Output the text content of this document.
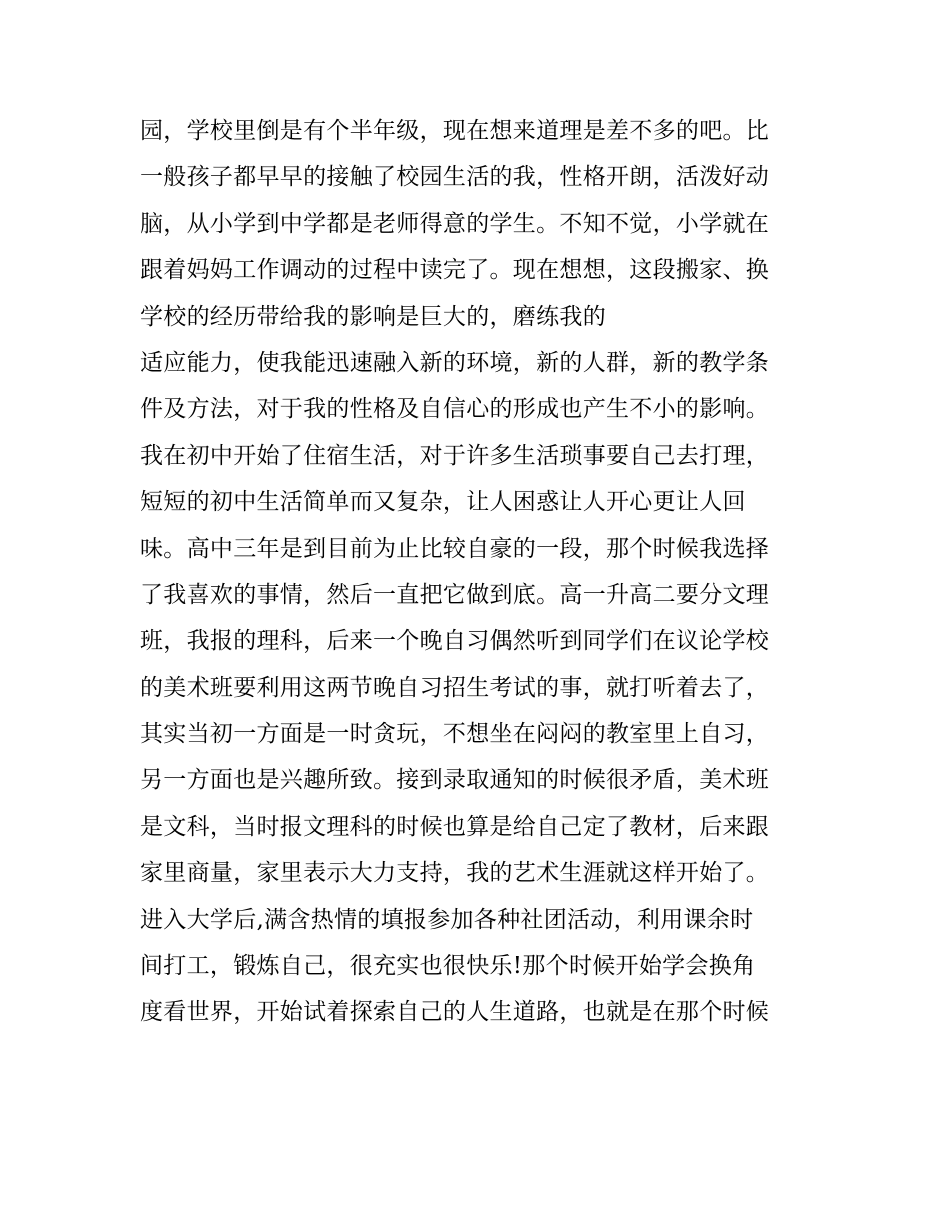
园，学校里倒是有个半年级，现在想来道理是差不多的吧。比
一般孩子都早早的接触了校园生活的我，性格开朗，活泼好动
脑，从小学到中学都是老师得意的学生。不知不觉，小学就在
跟着妈妈工作调动的过程中读完了。现在想想，这段搬家、换
学校的经历带给我的影响是巨大的，磨练我的
适应能力，使我能迅速融入新的环境，新的人群，新的教学条
件及方法，对于我的性格及自信心的形成也产生不小的影响。
我在初中开始了住宿生活，对于许多生活琐事要自己去打理，
短短的初中生活简单而又复杂，让人困惑让人开心更让人回
味。高中三年是到目前为止比较自豪的一段，那个时候我选择
了我喜欢的事情，然后一直把它做到底。高一升高二要分文理
班，我报的理科，后来一个晚自习偶然听到同学们在议论学校
的美术班要利用这两节晚自习招生考试的事，就打听着去了，
其实当初一方面是一时贪玩，不想坐在闷闷的教室里上自习，
另一方面也是兴趣所致。接到录取通知的时候很矛盾，美术班
是文科，当时报文理科的时候也算是给自己定了教材，后来跟
家里商量，家里表示大力支持，我的艺术生涯就这样开始了。
进入大学后,满含热情的填报参加各种社团活动，利用课余时
间打工，锻炼自己，很充实也很快乐!那个时候开始学会换角
度看世界，开始试着探索自己的人生道路，也就是在那个时候
